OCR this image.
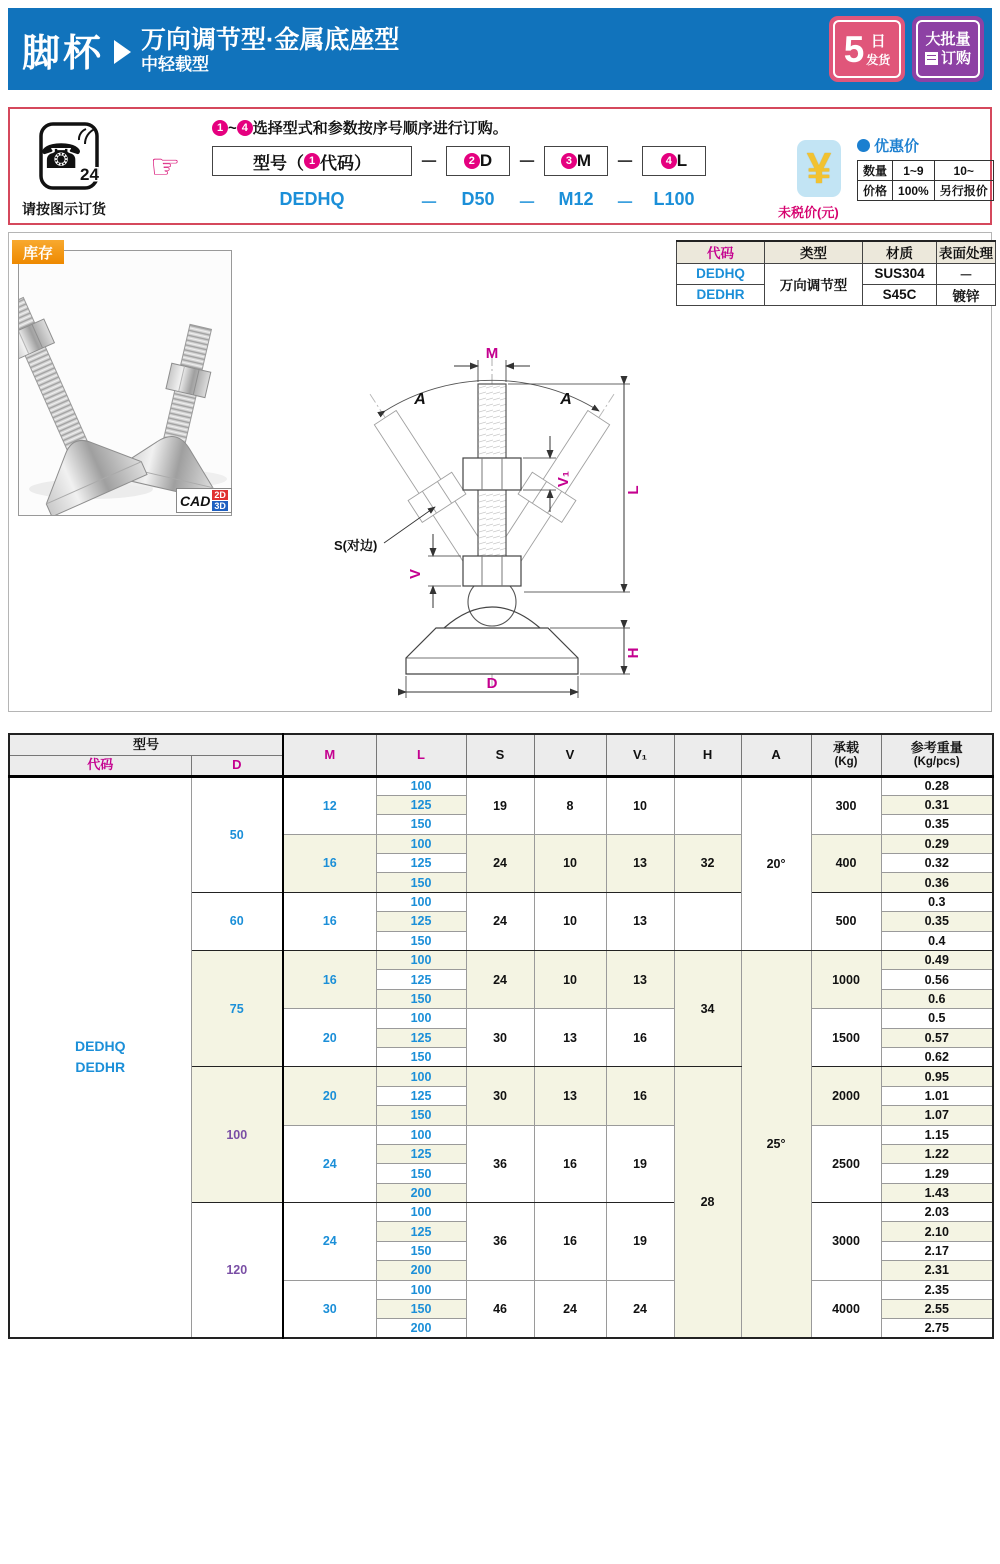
脚杯 万向调节型·金属底座型
中轻载型	5 日
发货
大批量
订购
☎
24
请按图示订货
☞
1 ~ 4 选择型式和参数按序号顺序进行订购。
型号（ 1 代码）	－	2 D	－	3 M	－	4 L
DEDHQ	－	D50	－	M12	－	L100
¥
未税价(元)
优惠价
数量	1~9	10~
价格	100%	另行报价
库存
CAD 2D
3D
代码	类型	材质	表面处理
DEDHQ	万向调节型	SUS304	－
DEDHR		S45C	镀锌
A	A
M
V₁
S(对边)
V
L
H
D
型号	M	L	S	V	V₁	H	A	承载
(Kg)

参考重量
(Kg/pcs)

代码	D									

DEDHQ
DEDHR	50	12	100	19	8	10		20°	300	0.28
			125							0.31
			150							0.35
		16	100	24	10	13	32		400	0.29
			125							0.32
			150							0.36
	60	16	100	24	10	13			500	0.3
			125							0.35
			150							0.4
	75	16	100	24	10	13	34	25°	1000	0.49
			125							0.56
			150							0.6
		20	100	30	13	16			1500	0.5
			125							0.57
			150							0.62
	100	20	100	30	13	16	28		2000	0.95
			125							1.01
			150							1.07
		24	100	36	16	19			2500	1.15
			125							1.22
			150							1.29
			200							1.43
	120	24	100	36	16	19			3000	2.03
			125							2.10
			150							2.17
			200							2.31
		30	100	46	24	24			4000	2.35
			150							2.55
			200							2.75
